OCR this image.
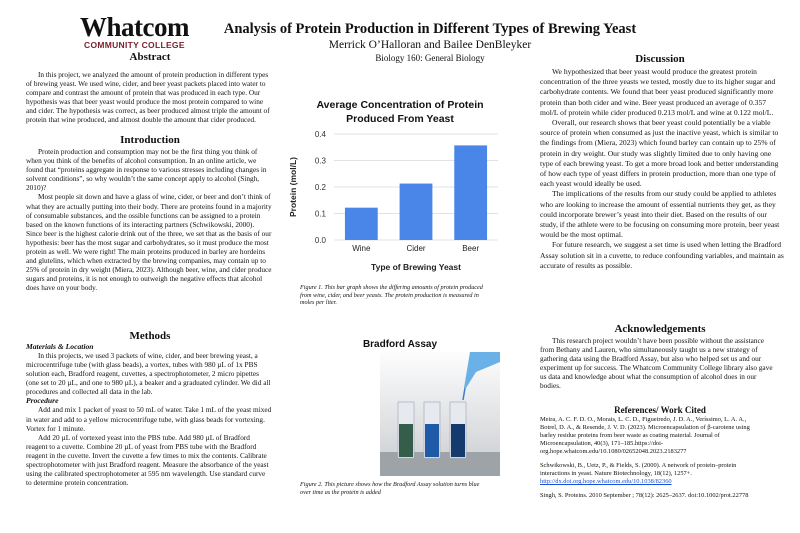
Whatcom
COMMUNITY COLLEGE
Analysis of Protein Production in Different Types of Brewing Yeast
Merrick O’Halloran and Bailee DenBleyker
Biology 160: General Biology
Abstract

In this project, we analyzed the amount of protein production in different types of brewing yeast. We used wine, cider, and beer yeast packets placed into water to compare and contrast the amount of protein that was produced in each type. Our hypothesis was that beer yeast would produce the most protein compared to wine and cider. The hypothesis was correct, as beer produced almost triple the amount of protein that wine produced, and almost double the amount that cider produced.

Introduction

Protein production and consumption may not be the first thing you think of when you think of the benefits of alcohol consumption. In an online article, we found that “proteins aggregate in response to various stresses including changes in solvent conditions”, so why wouldn’t the same concept apply to alcohol (Singh, 2010)?

Most people sit down and have a glass of wine, cider, or beer and don’t think of what they are actually putting into their body. There are proteins found in a majority of consumable substances, and the ossible functions can be assigned to a protein based on the known functions of its interacting partners (Schwikowski, 2000). Since beer is the highest calorie drink out of the three, we set that as the basis of our hypothesis: beer has the most sugar and carbohydrates, so it must produce the most protein as well. We were right! The main proteins produced in barley are hordeins and glutelins, which when extracted by the brewing companies, may contain up to 25% of protein in dry weight (Miera, 2023). Although beer, wine, and cider produce sugars and proteins, it is not enough to outweigh the negative effects that alcohol does have on your body.

Methods
Materials & Location

In this projects, we used 3 packets of wine, cider, and beer brewing yeast, a microcentrifuge tube (with glass beads), a vortex, tubes with 980 µL of 1x PBS solution each, Bradford reagent, cuvettes, a spectrophotometer, 2 micro pipettes (one set to 20 µL, and one to 980 µL), a beaker and a graduated cylinder. We did all procedures and collected all data in the lab.

Procedure

Add and mix 1 packet of yeast to 50 mL of water. Take 1 mL of the yeast mixed in water and add to a yellow microcentrifuge tube, with glass beads for vortexing. Vortex for 1 minute.

Add 20 µL of vortexed yeast into the PBS tube. Add 980 µL of Bradford reagent to a cuvette. Combine 20 µL of yeast from PBS tube with the Bradford reagent in the cuvette. Invert the cuvette a few times to mix the contents. Calibrate spectrophotometer with just Bradford reagent. Measure the absorbance of the yeast using the calibrated spectrophotometer at 595 nm wavelength. Use standard curve to determine protein concentration.

Average Concentration of Protein Produced From Yeast
0.0
0.1
0.2
0.3
0.4
Wine	Cider	Beer
Type of Brewing Yeast
Protein (mol/L)

Figure 1. This bar graph shows the differing amounts of protein produced from wine, cider, and beer yeasts. The protein production is measured in moles per liter.

Bradford Assay

Figure 2. This picture shows how the Bradford Assay solution turns blue over time as the protein is added

Discussion

We hypothesized that beer yeast would produce the greatest protein concentration of the three yeasts we tested, mostly due to its higher sugar and carbohydrate contents. We found that beer yeast produced significantly more protein than both cider and wine. Beer yeast produced an average of 0.357 mol/L of protein while cider produced 0.213 mol/L and wine at 0.122 mol/L.

Overall, our research shows that beer yeast could potentially be a viable source of protein when consumed as just the inactive yeast, which is similar to the findings from (Miera, 2023) which found barley can contain up to 25% of protein in dry weight. Our study was slightly limited due to only having one type of each brewing yeast. To get a more broad look and better understanding of how each type of yeast differs in protein production, more than one type of each yeast would ideally be used.

The implications of the results from our study could be applied to athletes who are looking to increase the amount of essential nutrients they get, as they could incorporate brewer’s yeast into their diet. Based on the results of our study, if the athlete were to be focusing on consuming more protein, beer yeast would be the most optimal.

For future research, we suggest a set time is used when letting the Bradford Assay solution sit in a cuvette, to reduce confounding variables, and maintain as accurate of results as possible.

Acknowledgements

This research project wouldn’t have been possible without the assistance from Bethany and Lauren, who simultaneously taught us a new strategy of gathering data using the Bradford Assay, but also who helped set us and our experiment up for success. The Whatcom Community College library also gave us data and knowledge about what the consumption of alcohol does in our bodies.

References/ Work Cited

Meira, A. C. F. D. O., Morais, L. C. D., Figueiredo, J. D. A., Veríssimo, L. A. A., Botrel, D. A., & Resende, J. V. D. (2023). Microencapsulation of β-carotene using barley residue proteins from beer waste as coating material. Journal of Microencapsulation, 40(3), 171–185.https://doi-org.hope.whatcom.edu/10.1080/02652048.2023.2183277

Schwikowski, B., Uetz, P., & Fields, S. (2000). A network of protein–protein interactions in yeast. Nature Biotechnology, 18(12), 1257+. http://dx.doi.org.hope.whatcom.edu/10.1038/82360

Singh, S. Proteins. 2010 September ; 78(12): 2625–2637. doi:10.1002/prot.22778
